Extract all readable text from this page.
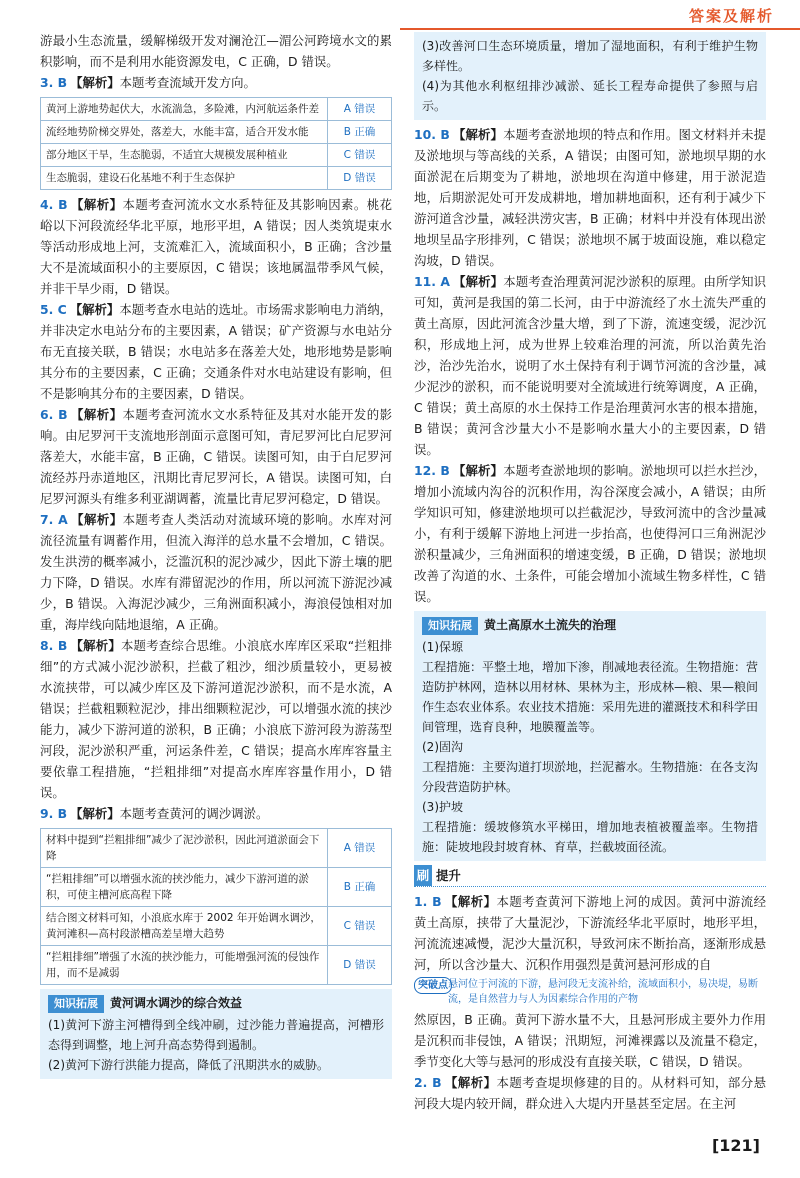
答案及解析

游最小生态流量，缓解梯级开发对澜沧江—湄公河跨境水文的累积影响，而不是利用水能资源发电，C 正确，D 错误。

3. B 【解析】本题考查流域开发方向。

黄河上游地势起伏大，水流湍急，多险滩，内河航运条件差	A 错误
流经地势阶梯交界处，落差大，水能丰富，适合开发水能	B 正确
部分地区干旱，生态脆弱，不适宜大规模发展种植业	C 错误
生态脆弱，建设石化基地不利于生态保护	D 错误

4. B 【解析】本题考查河流水文水系特征及其影响因素。桃花峪以下河段流经华北平原，地形平坦，A 错误；因人类筑堤束水等活动形成地上河，支流难汇入，流域面积小，B 正确；含沙量大不是流域面积小的主要原因，C 错误；该地属温带季风气候，并非干旱少雨，D 错误。

5. C 【解析】本题考查水电站的选址。市场需求影响电力消纳，并非决定水电站分布的主要因素，A 错误；矿产资源与水电站分布无直接关联，B 错误；水电站多在落差大处，地形地势是影响其分布的主要因素，C 正确；交通条件对水电站建设有影响，但不是影响其分布的主要因素，D 错误。

6. B 【解析】本题考查河流水文水系特征及其对水能开发的影响。由尼罗河干支流地形剖面示意图可知，青尼罗河比白尼罗河落差大，水能丰富，B 正确，C 错误。读图可知，由于白尼罗河流经苏丹赤道地区，汛期比青尼罗河长，A 错误。读图可知，白尼罗河源头有维多利亚湖调蓄，流量比青尼罗河稳定，D 错误。

7. A 【解析】本题考查人类活动对流域环境的影响。水库对河流径流量有调蓄作用，但流入海洋的总水量不会增加，C 错误。发生洪涝的概率减小，泛滥沉积的泥沙减少，因此下游土壤的肥力下降，D 错误。水库有滞留泥沙的作用，所以河流下游泥沙减少，B 错误。入海泥沙减少，三角洲面积减小，海浪侵蚀相对加重，海岸线向陆地退缩，A 正确。

8. B 【解析】本题考查综合思维。小浪底水库库区采取“拦粗排细”的方式减小泥沙淤积，拦截了粗沙，细沙质量较小，更易被水流挟带，可以减少库区及下游河道泥沙淤积，而不是水流，A 错误；拦截粗颗粒泥沙，排出细颗粒泥沙，可以增强水流的挟沙能力，减少下游河道的淤积，B 正确；小浪底下游河段为游荡型河段，泥沙淤积严重，河运条件差，C 错误；提高水库库容量主要依靠工程措施，“拦粗排细”对提高水库库容量作用小，D 错误。

9. B 【解析】本题考查黄河的调沙调淤。

材料中提到“拦粗排细”减少了泥沙淤积，因此河道淤面会下降	A 错误
“拦粗排细”可以增强水流的挟沙能力，减少下游河道的淤积，可使主槽河底高程下降	B 正确
结合图文材料可知，小浪底水库于 2002 年开始调水调沙，黄河滩积—高村段淤槽高差呈增大趋势	C 错误
“拦粗排细”增强了水流的挟沙能力，可能增强河流的侵蚀作用，而不是减弱	D 错误
知识拓展 黄河调水调沙的综合效益

(1)黄河下游主河槽得到全线冲刷，过沙能力普遍提高，河槽形态得到调整，地上河升高态势得到遏制。

(2)黄河下游行洪能力提高，降低了汛期洪水的威胁。

(3)改善河口生态环境质量，增加了湿地面积，有利于维护生物多样性。

(4)为其他水利枢纽排沙减淤、延长工程寿命提供了参照与启示。

10. B 【解析】本题考查淤地坝的特点和作用。图文材料并未提及淤地坝与等高线的关系，A 错误；由图可知，淤地坝早期的水面淤泥在后期变为了耕地，淤地坝在沟道中修建，用于淤泥造地，后期淤泥处可开发成耕地，增加耕地面积，还有利于减少下游河道含沙量，减轻洪涝灾害，B 正确；材料中并没有体现出淤地坝呈品字形排列，C 错误；淤地坝不属于坡面设施，难以稳定沟坡，D 错误。

11. A 【解析】本题考查治理黄河泥沙淤积的原理。由所学知识可知，黄河是我国的第二长河，由于中游流经了水土流失严重的黄土高原，因此河流含沙量大增，到了下游，流速变缓，泥沙沉积，形成地上河，成为世界上较难治理的河流，所以治黄先治沙，治沙先治水，说明了水土保持有利于调节河流的含沙量，减少泥沙的淤积，而不能说明要对全流域进行统筹调度，A 正确，C 错误；黄土高原的水土保持工作是治理黄河水害的根本措施，B 错误；黄河含沙量大小不是影响水量大小的主要因素，D 错误。

12. B 【解析】本题考查淤地坝的影响。淤地坝可以拦水拦沙，增加小流域内沟谷的沉积作用，沟谷深度会减小，A 错误；由所学知识可知，修建淤地坝可以拦截泥沙，导致河流中的含沙量减小，有利于缓解下游地上河进一步抬高，也使得河口三角洲泥沙淤积量减少，三角洲面积的增速变缓，B 正确，D 错误；淤地坝改善了沟道的水、土条件，可能会增加小流域生物多样性，C 错误。

知识拓展 黄土高原水土流失的治理

(1)保塬

工程措施：平整土地，增加下渗，削减地表径流。生物措施：营造防护林网，造林以用材林、果林为主，形成林—粮、果—粮间作生态农业体系。农业技术措施：采用先进的灌溉技术和科学田间管理，选育良种，地膜覆盖等。

(2)固沟

工程措施：主要沟道打坝淤地，拦泥蓄水。生物措施：在各支沟分段营造防护林。

(3)护坡

工程措施：缓坡修筑水平梯田，增加地表植被覆盖率。生物措施：陡坡地段封坡育林、育草，拦截坡面径流。

刷 提升

1. B 【解析】本题考查黄河下游地上河的成因。黄河中游流经黄土高原，挟带了大量泥沙，下游流经华北平原时，地形平坦，河流流速减慢，泥沙大量沉积，导致河床不断抬高，逐渐形成悬河，所以含沙量大、沉积作用强烈是黄河悬河形成的自

突破点 悬河位于河流的下游，悬河段无支流补给，流域面积小，易决堤，易断流，是自然营力与人为因素综合作用的产物

然原因，B 正确。黄河下游水量不大，且悬河形成主要外力作用是沉积而非侵蚀，A 错误；汛期短，河滩裸露以及流量不稳定，季节变化大等与悬河的形成没有直接关联，C 错误，D 错误。

2. B 【解析】本题考查堤坝修建的目的。从材料可知，部分悬河段大堤内较开阔，群众进入大堤内开垦甚至定居。在主河

[121]
